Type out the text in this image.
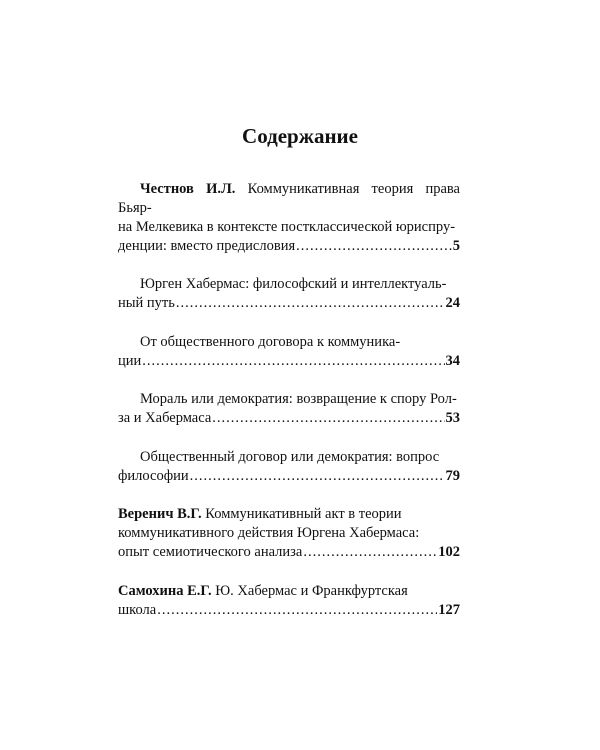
Содержание
Честнов И.Л. Коммуникативная теория права Бьяр-
на Мелкевика в контексте постклассической юриспру-
денции: вместо предисловия .....	5
Юрген Хабермас: философский и интеллектуаль-
ный путь .....	24
От общественного договора к коммуника-
ции .....	34
Мораль или демократия: возвращение к спору Рол-
за и Хабермаса .....	53
Общественный договор или демократия: вопрос
философии .....	79
Веренич В.Г. Коммуникативный акт в теории
коммуникативного действия Юргена Хабермаса:
опыт семиотического анализа .....	102
Самохина Е.Г. Ю. Хабермас и Франкфуртская
школа .....	127
